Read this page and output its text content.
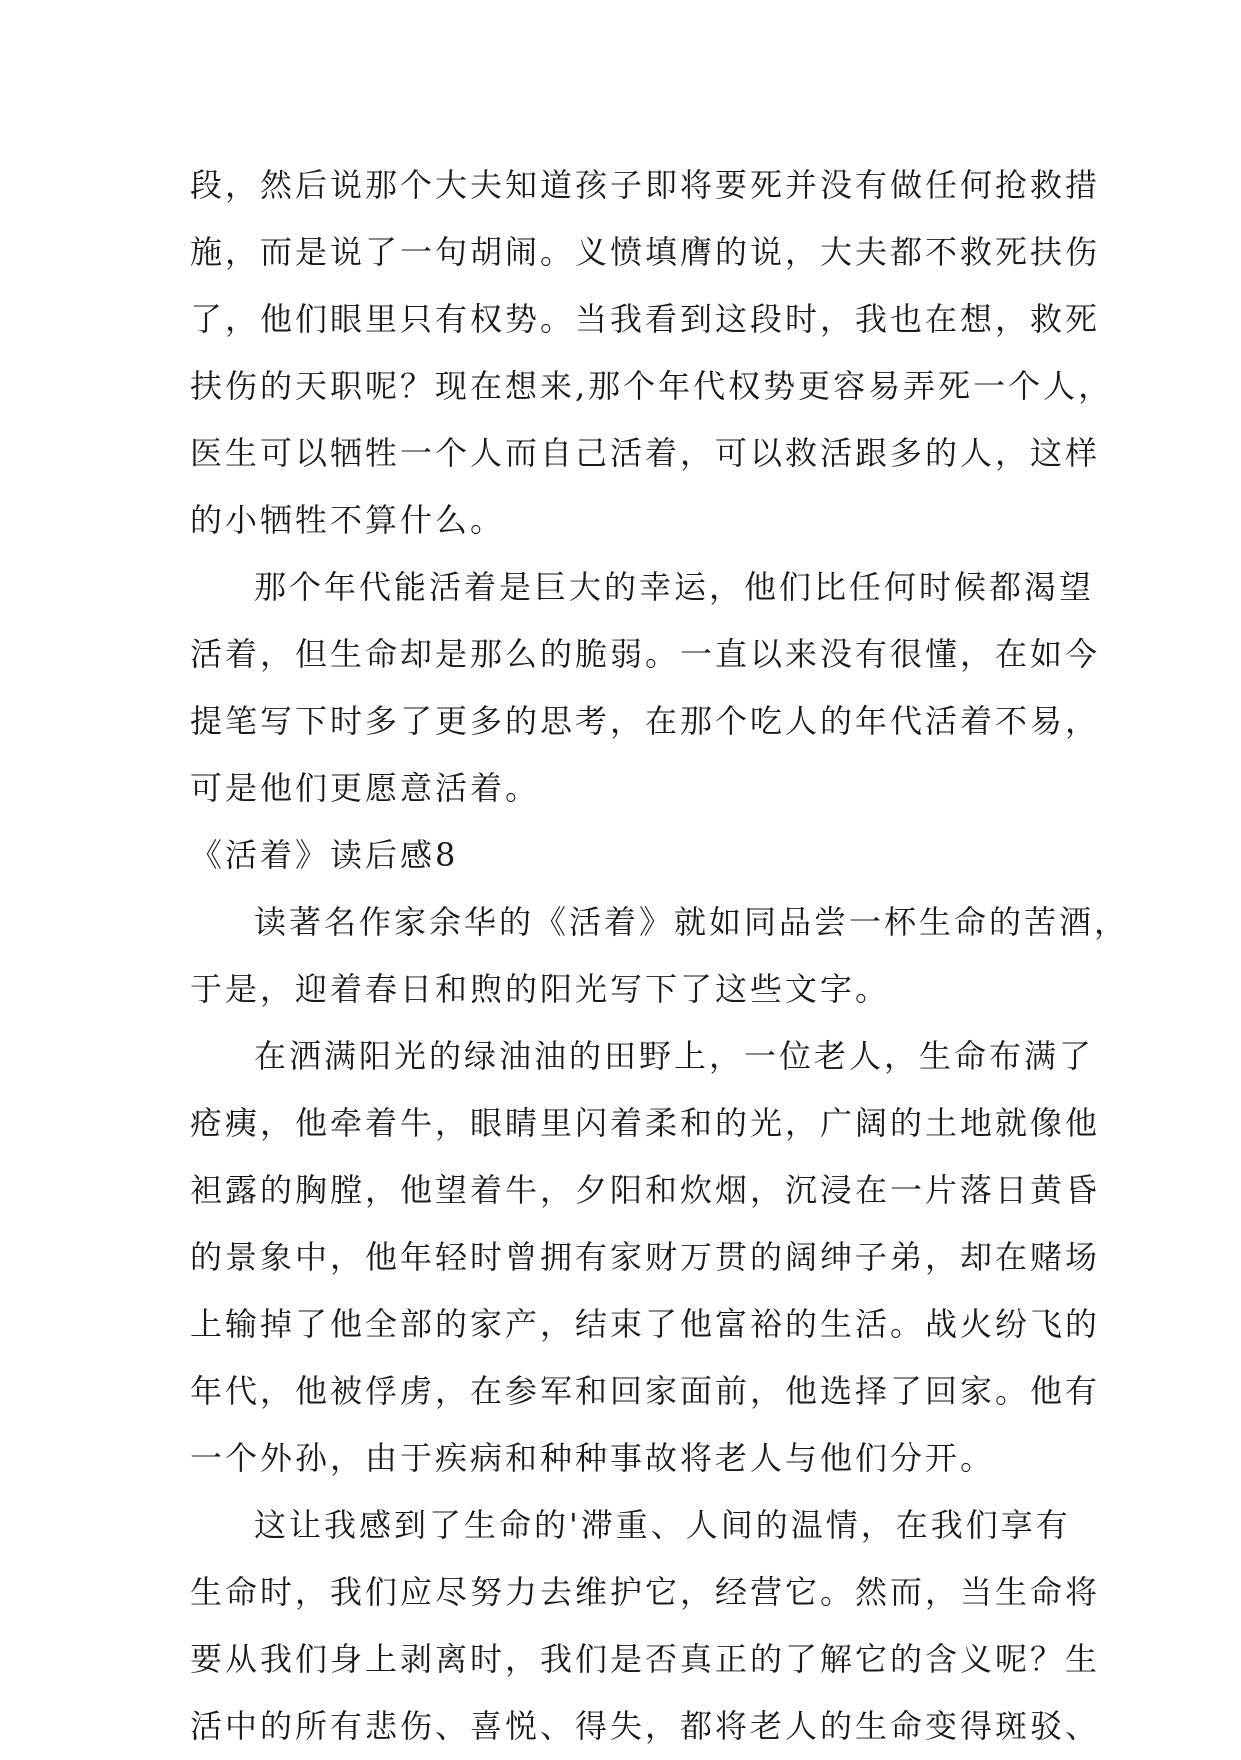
段，然后说那个大夫知道孩子即将要死并没有做任何抢救措
施，而是说了一句胡闹。义愤填膺的说，大夫都不救死扶伤
了，他们眼里只有权势。当我看到这段时，我也在想，救死
扶伤的天职呢？现在想来,那个年代权势更容易弄死一个人，
医生可以牺牲一个人而自己活着，可以救活跟多的人，这样
的小牺牲不算什么。
那个年代能活着是巨大的幸运，他们比任何时候都渴望
活着，但生命却是那么的脆弱。一直以来没有很懂，在如今
提笔写下时多了更多的思考，在那个吃人的年代活着不易，
可是他们更愿意活着。
《活着》读后感8
读著名作家余华的《活着》就如同品尝一杯生命的苦酒，
于是，迎着春日和煦的阳光写下了这些文字。
在洒满阳光的绿油油的田野上，一位老人，生命布满了
疮痍，他牵着牛，眼睛里闪着柔和的光，广阔的土地就像他
袒露的胸膛，他望着牛，夕阳和炊烟，沉浸在一片落日黄昏
的景象中，他年轻时曾拥有家财万贯的阔绅子弟，却在赌场
上输掉了他全部的家产，结束了他富裕的生活。战火纷飞的
年代，他被俘虏，在参军和回家面前，他选择了回家。他有
一个外孙，由于疾病和种种事故将老人与他们分开。
这让我感到了生命的'滞重、人间的温情，在我们享有
生命时，我们应尽努力去维护它，经营它。然而，当生命将
要从我们身上剥离时，我们是否真正的了解它的含义呢？生
活中的所有悲伤、喜悦、得失，都将老人的生命变得斑驳、
